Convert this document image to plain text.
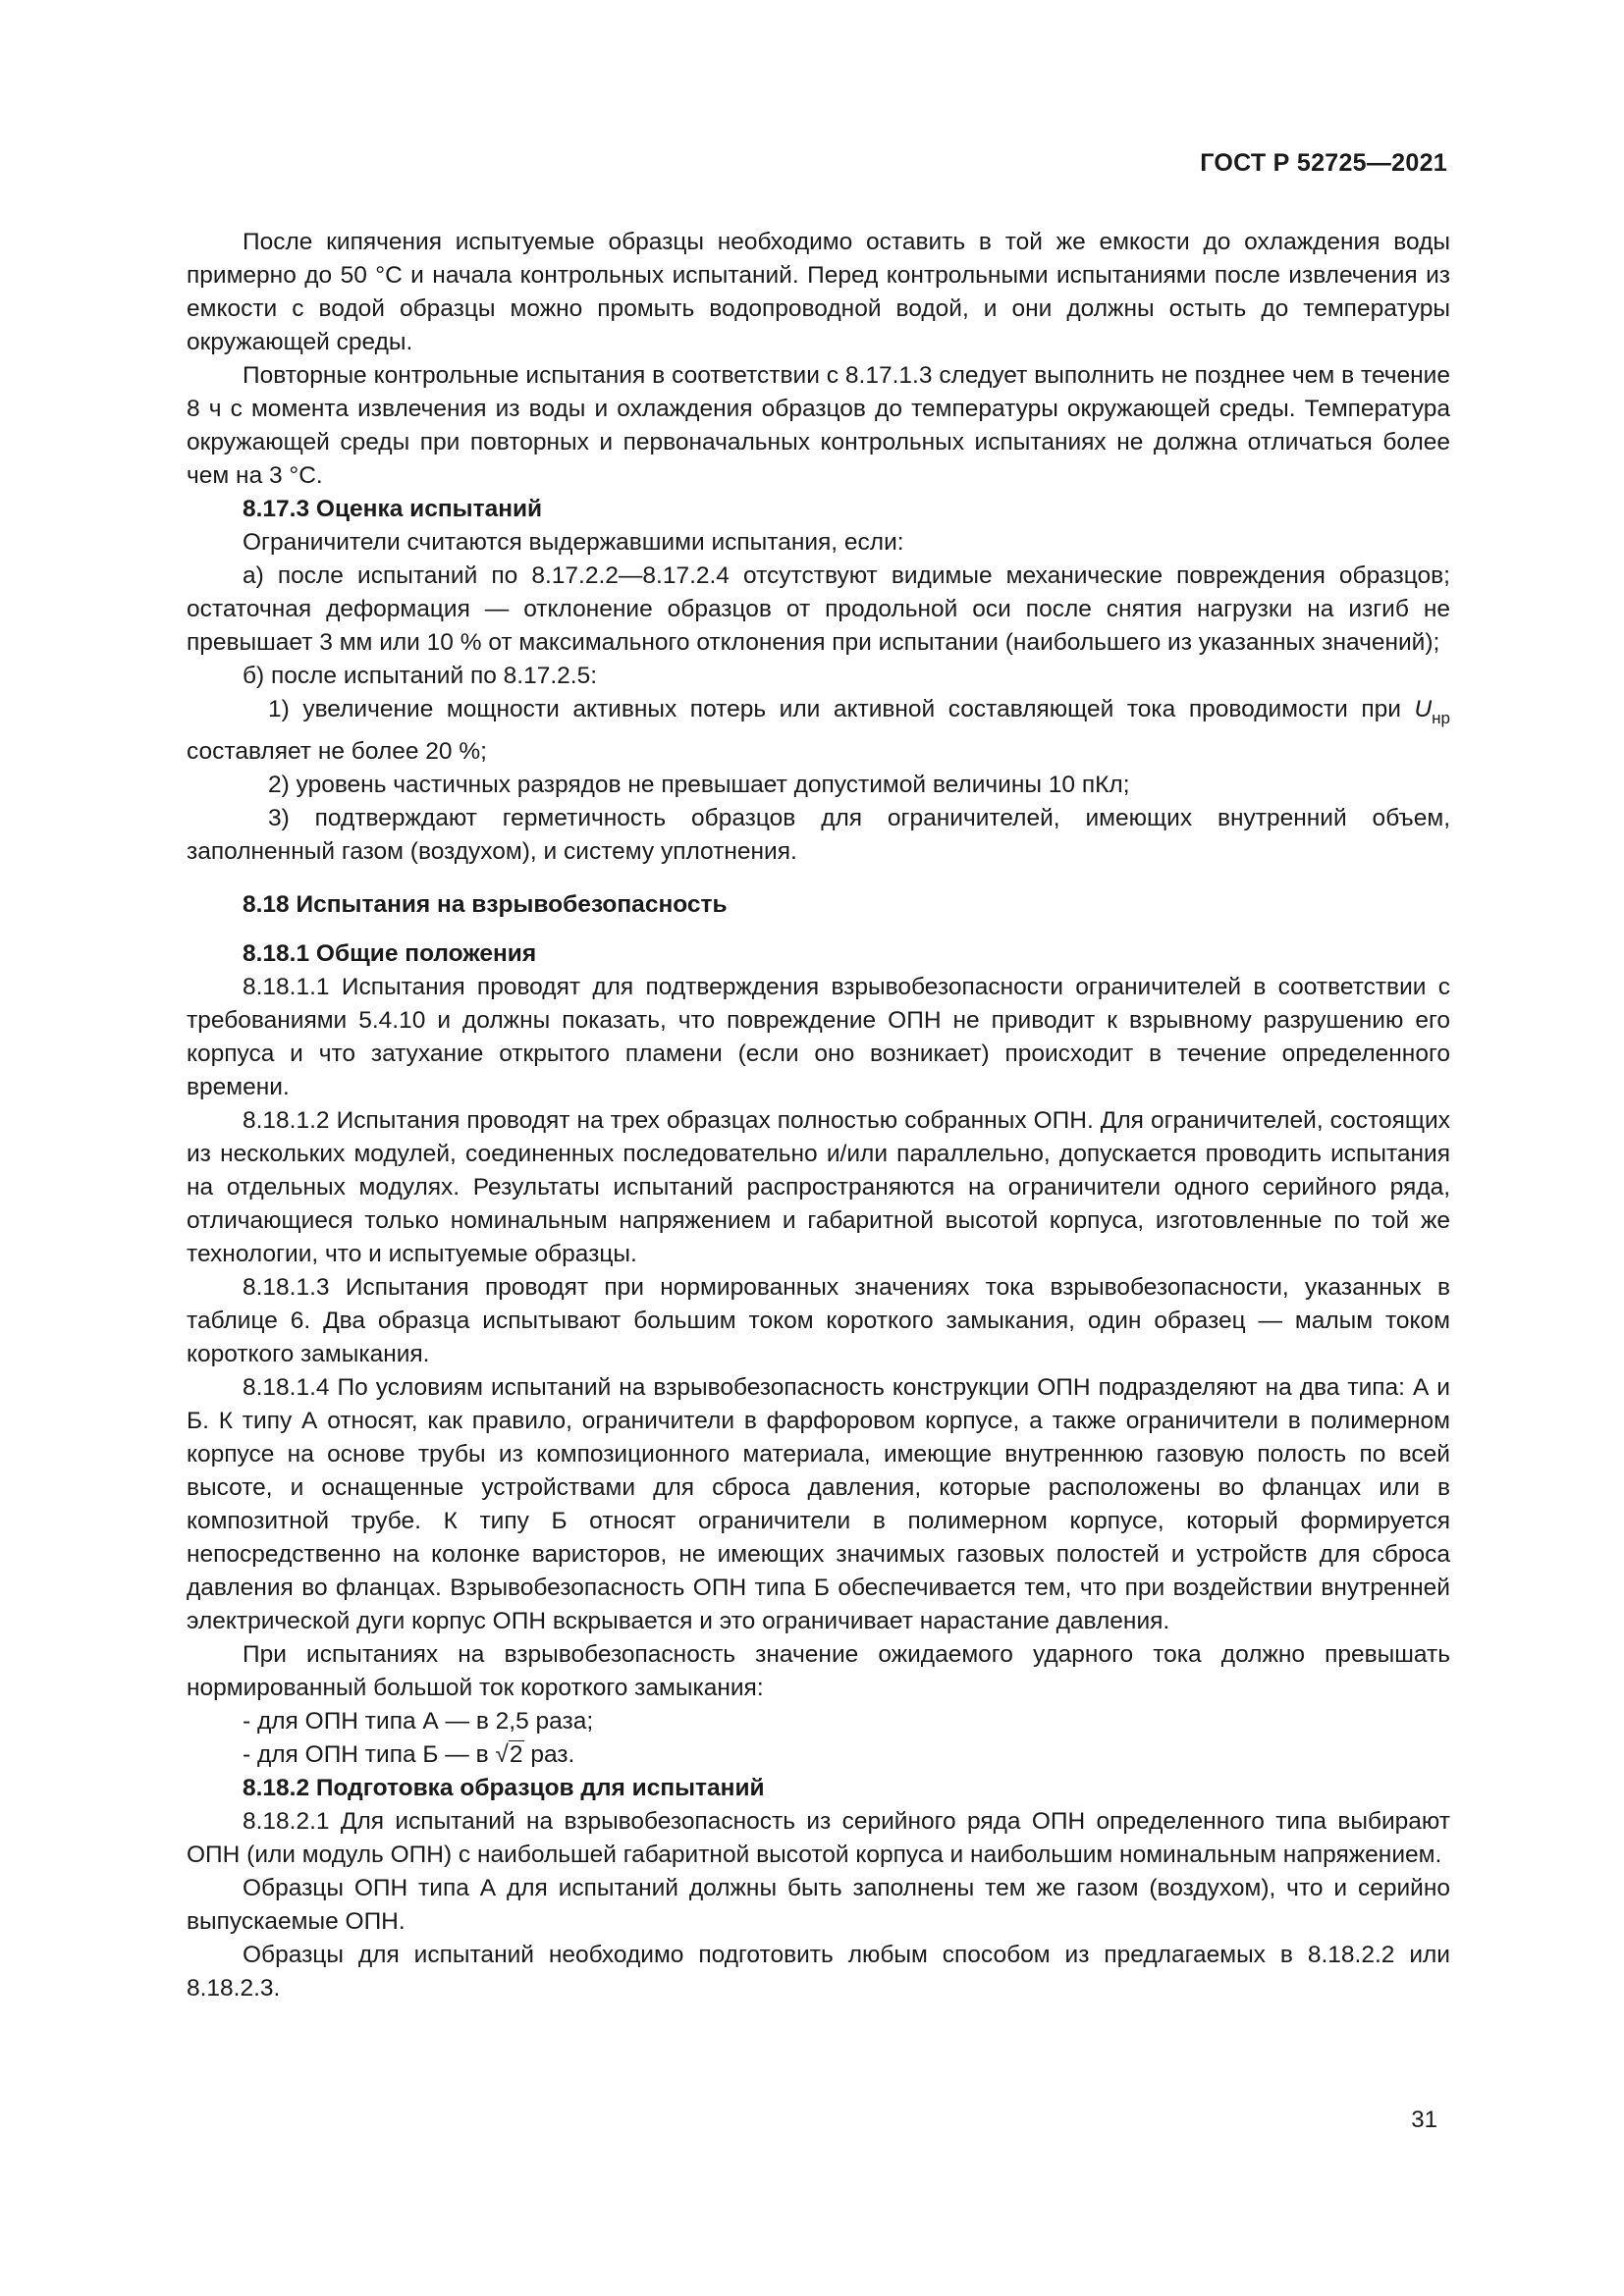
ГОСТ Р 52725—2021

После кипячения испытуемые образцы необходимо оставить в той же емкости до охлаждения воды примерно до 50 °С и начала контрольных испытаний. Перед контрольными испытаниями после извлечения из емкости с водой образцы можно промыть водопроводной водой, и они должны остыть до температуры окружающей среды.

Повторные контрольные испытания в соответствии с 8.17.1.3 следует выполнить не позднее чем в течение 8 ч с момента извлечения из воды и охлаждения образцов до температуры окружающей среды. Температура окружающей среды при повторных и первоначальных контрольных испытаниях не должна отличаться более чем на 3 °С.

8.17.3 Оценка испытаний

Ограничители считаются выдержавшими испытания, если:

а) после испытаний по 8.17.2.2—8.17.2.4 отсутствуют видимые механические повреждения образцов; остаточная деформация — отклонение образцов от продольной оси после снятия нагрузки на изгиб не превышает 3 мм или 10 % от максимального отклонения при испытании (наибольшего из указанных значений);

б) после испытаний по 8.17.2.5:

1) увеличение мощности активных потерь или активной составляющей тока проводимости при $U_{нр}$ составляет не более 20 %;

2) уровень частичных разрядов не превышает допустимой величины 10 пКл;

3) подтверждают герметичность образцов для ограничителей, имеющих внутренний объем, заполненный газом (воздухом), и систему уплотнения.

8.18 Испытания на взрывобезопасность

8.18.1 Общие положения

8.18.1.1 Испытания проводят для подтверждения взрывобезопасности ограничителей в соответствии с требованиями 5.4.10 и должны показать, что повреждение ОПН не приводит к взрывному разрушению его корпуса и что затухание открытого пламени (если оно возникает) происходит в течение определенного времени.

8.18.1.2 Испытания проводят на трех образцах полностью собранных ОПН. Для ограничителей, состоящих из нескольких модулей, соединенных последовательно и/или параллельно, допускается проводить испытания на отдельных модулях. Результаты испытаний распространяются на ограничители одного серийного ряда, отличающиеся только номинальным напряжением и габаритной высотой корпуса, изготовленные по той же технологии, что и испытуемые образцы.

8.18.1.3 Испытания проводят при нормированных значениях тока взрывобезопасности, указанных в таблице 6. Два образца испытывают большим током короткого замыкания, один образец — малым током короткого замыкания.

8.18.1.4 По условиям испытаний на взрывобезопасность конструкции ОПН подразделяют на два типа: А и Б. К типу А относят, как правило, ограничители в фарфоровом корпусе, а также ограничители в полимерном корпусе на основе трубы из композиционного материала, имеющие внутреннюю газовую полость по всей высоте, и оснащенные устройствами для сброса давления, которые расположены во фланцах или в композитной трубе. К типу Б относят ограничители в полимерном корпусе, который формируется непосредственно на колонке варисторов, не имеющих значимых газовых полостей и устройств для сброса давления во фланцах. Взрывобезопасность ОПН типа Б обеспечивается тем, что при воздействии внутренней электрической дуги корпус ОПН вскрывается и это ограничивает нарастание давления.

При испытаниях на взрывобезопасность значение ожидаемого ударного тока должно превышать нормированный большой ток короткого замыкания:

- для ОПН типа А — в 2,5 раза;

- для ОПН типа Б — в √2 раз.

8.18.2 Подготовка образцов для испытаний

8.18.2.1 Для испытаний на взрывобезопасность из серийного ряда ОПН определенного типа выбирают ОПН (или модуль ОПН) с наибольшей габаритной высотой корпуса и наибольшим номинальным напряжением.

Образцы ОПН типа А для испытаний должны быть заполнены тем же газом (воздухом), что и серийно выпускаемые ОПН.

Образцы для испытаний необходимо подготовить любым способом из предлагаемых в 8.18.2.2 или 8.18.2.3.

31
